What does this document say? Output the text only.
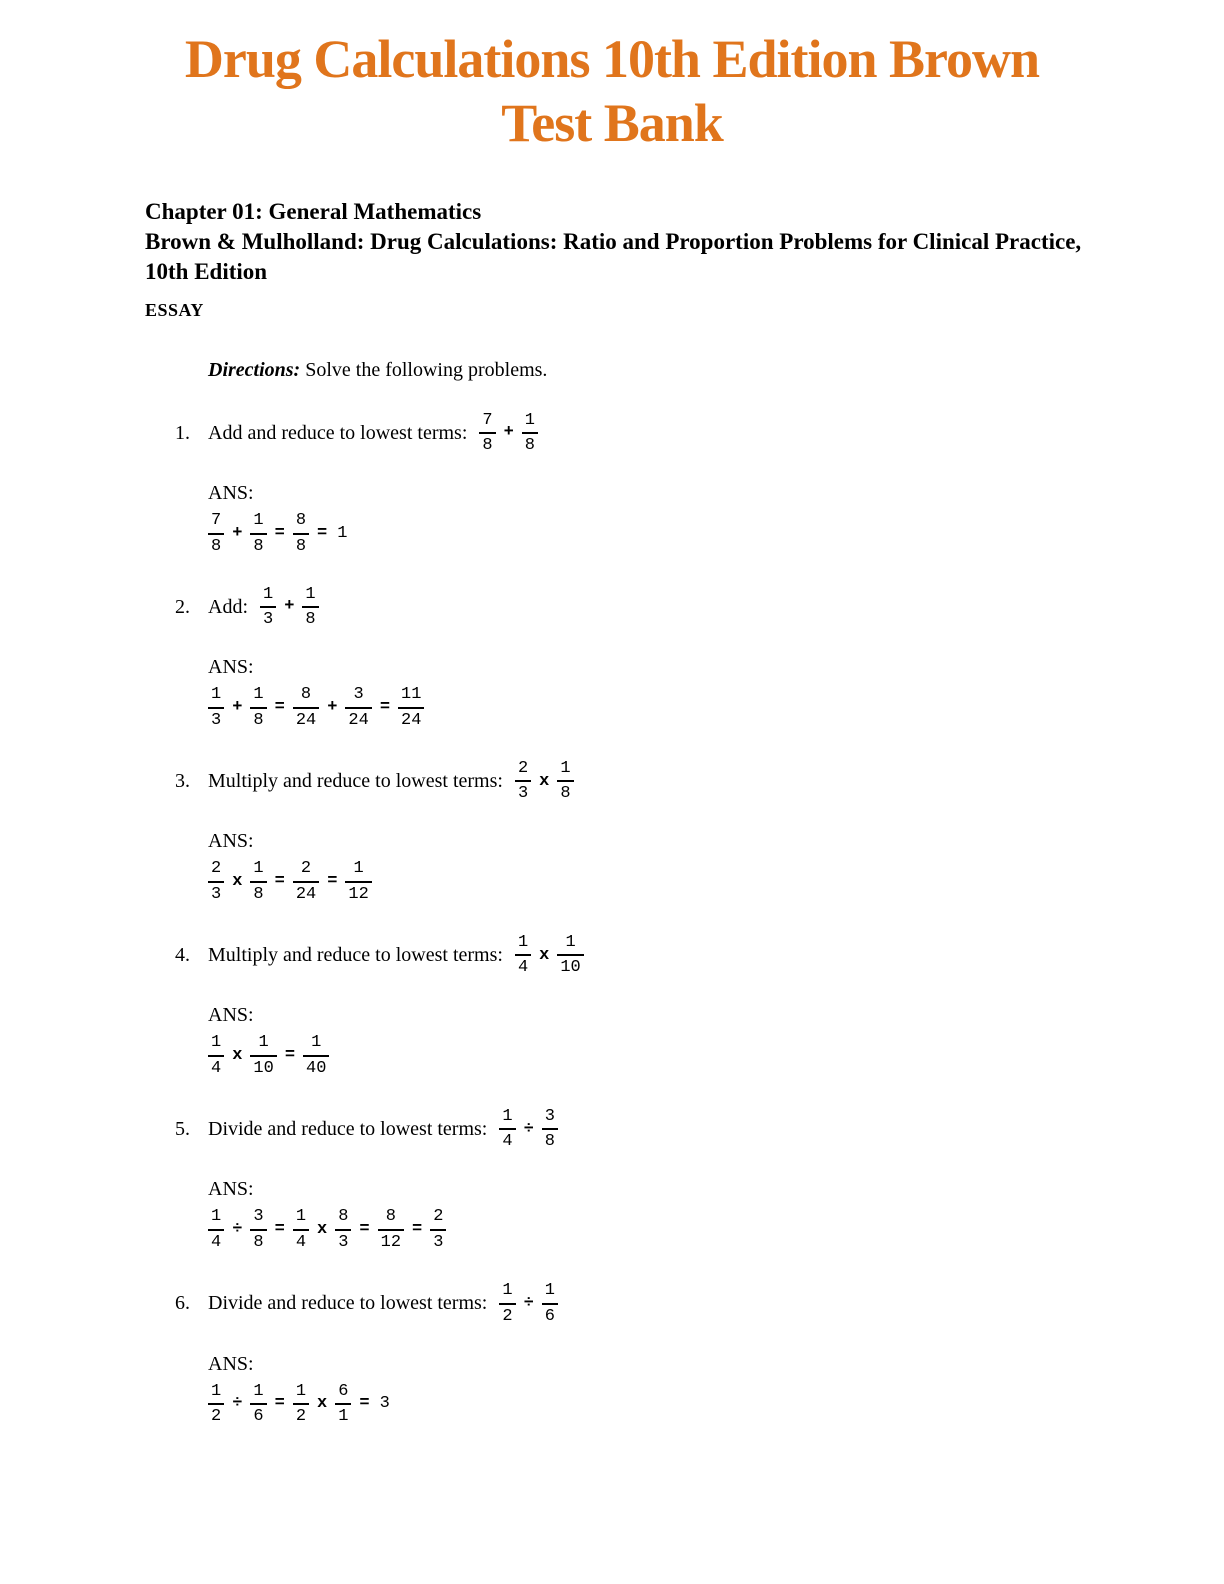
Drug Calculations 10th Edition Brown
Test Bank
Chapter 01: General Mathematics
Brown & Mulholland: Drug Calculations: Ratio and Proportion Problems for Clinical Practice, 10th Edition
ESSAY

Directions: Solve the following problems.

1. Add and reduce to lowest terms: $\frac{7}{8} + \frac{1}{8}$
ANS:
$\frac{7}{8} + \frac{1}{8} = \frac{8}{8} = 1$
2. Add: $\frac{1}{3} + \frac{1}{8}$
ANS:
$\frac{1}{3} + \frac{1}{8} = \frac{8}{24} + \frac{3}{24} = \frac{11}{24}$
3. Multiply and reduce to lowest terms: $\frac{2}{3}$ x $\frac{1}{8}$
ANS:
$\frac{2}{3}$ x $\frac{1}{8} = \frac{2}{24} = \frac{1}{12}$
4. Multiply and reduce to lowest terms: $\frac{1}{4}$ x $\frac{1}{10}$
ANS:
$\frac{1}{4}$ x $\frac{1}{10} = \frac{1}{40}$
5. Divide and reduce to lowest terms: $\frac{1}{4} \div \frac{3}{8}$
ANS:
$\frac{1}{4} \div \frac{3}{8} = \frac{1}{4}$ x $\frac{8}{3} = \frac{8}{12} = \frac{2}{3}$
6. Divide and reduce to lowest terms: $\frac{1}{2} \div \frac{1}{6}$
ANS:
$\frac{1}{2} \div \frac{1}{6} = \frac{1}{2}$ x $\frac{6}{1} = 3$
